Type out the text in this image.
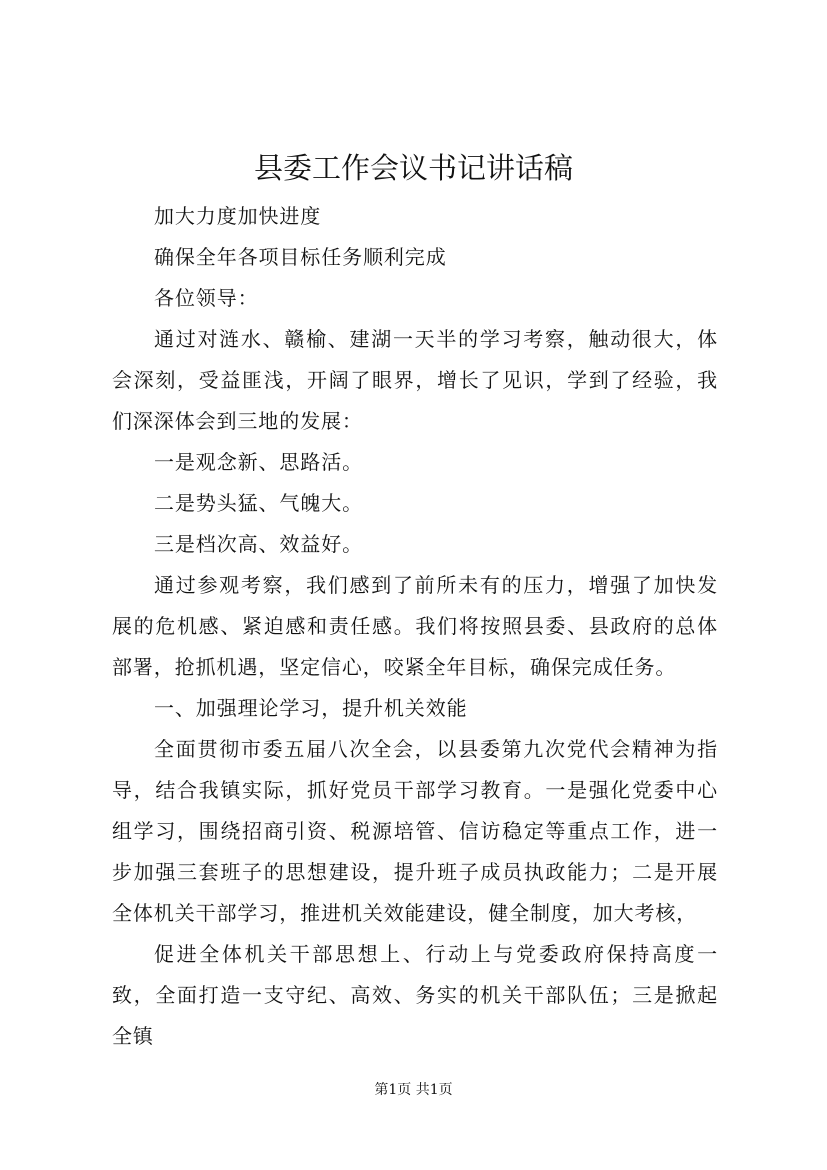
县委工作会议书记讲话稿

加大力度加快进度

确保全年各项目标任务顺利完成

各位领导：

通过对涟水、赣榆、建湖一天半的学习考察，触动很大，体会深刻，受益匪浅，开阔了眼界，增长了见识，学到了经验，我们深深体会到三地的发展：

一是观念新、思路活。

二是势头猛、气魄大。

三是档次高、效益好。

通过参观考察，我们感到了前所未有的压力，增强了加快发展的危机感、紧迫感和责任感。我们将按照县委、县政府的总体部署，抢抓机遇，坚定信心，咬紧全年目标，确保完成任务。

一、加强理论学习，提升机关效能

全面贯彻市委五届八次全会，以县委第九次党代会精神为指导，结合我镇实际，抓好党员干部学习教育。一是强化党委中心组学习，围绕招商引资、税源培管、信访稳定等重点工作，进一步加强三套班子的思想建设，提升班子成员执政能力；二是开展全体机关干部学习，推进机关效能建设，健全制度，加大考核，

促进全体机关干部思想上、行动上与党委政府保持高度一致，全面打造一支守纪、高效、务实的机关干部队伍；三是掀起全镇

第1页 共1页
